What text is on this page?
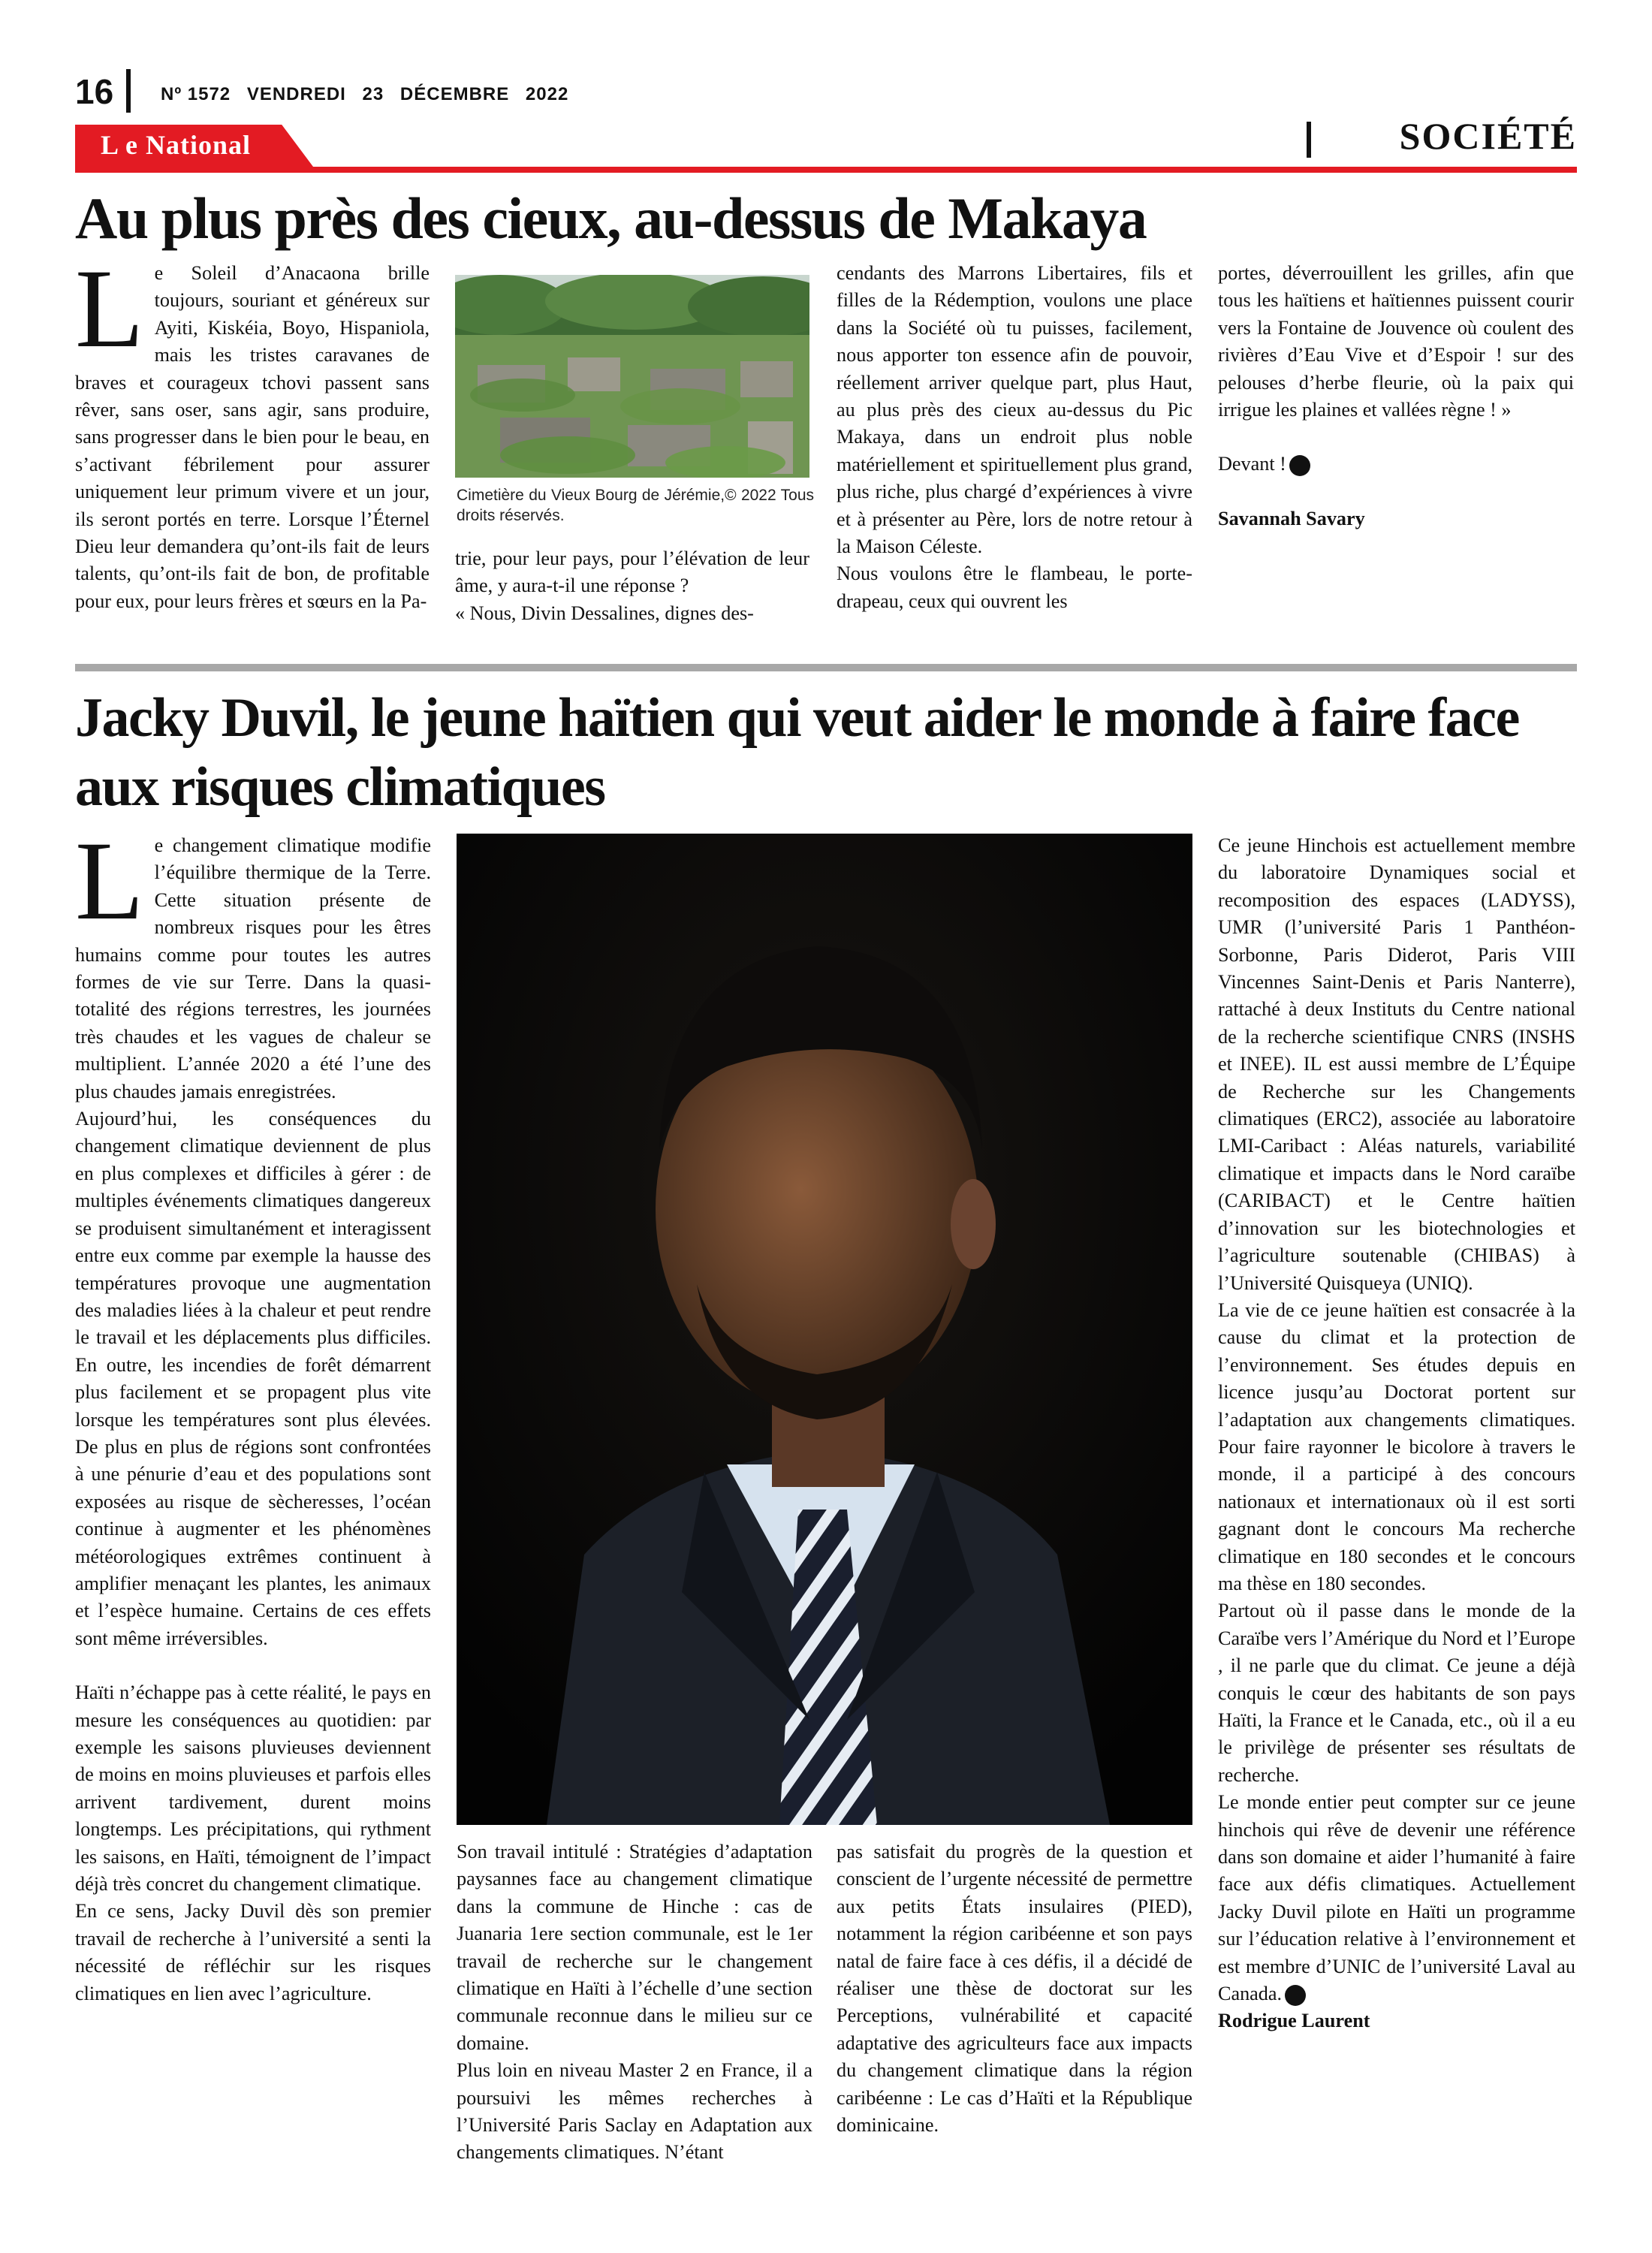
16	Nº 1572 VENDREDI 23 DÉCEMBRE 2022
L e National	SOCIÉTÉ
Au plus près des cieux, au-dessus de Makaya
L e Soleil d’Anacaona brille toujours, souriant et généreux sur Ayiti, Kiskéia, Boyo, Hispaniola, mais les tristes caravanes de braves et courageux tchovi passent sans rêver, sans oser, sans agir, sans produire, sans progresser dans le bien pour le beau, en s’activant fébrilement pour assurer uniquement leur primum vivere et un jour, ils seront portés en terre. Lorsque l’Éternel Dieu leur demandera qu’ont-ils fait de leurs talents, qu’ont-ils fait de bon, de profitable pour eux, pour leurs frères et sœurs en la Pa-

Cimetière du Vieux Bourg de Jérémie,© 2022 Tous droits réservés.

trie, pour leur pays, pour l’élévation de leur âme, y aura-t-il une réponse ?

« Nous, Divin Dessalines, dignes des-

cendants des Marrons Libertaires, fils et filles de la Rédemption, voulons une place dans la Société où tu puisses, facilement, nous apporter ton essence afin de pouvoir, réellement arriver quelque part, plus Haut, au plus près des cieux au-dessus du Pic Makaya, dans un endroit plus noble matériellement et spirituellement plus grand, plus riche, plus chargé d’expériences à vivre et à présenter au Père, lors de notre retour à la Maison Céleste.

Nous voulons être le flambeau, le porte-drapeau, ceux qui ouvrent les

portes, déverrouillent les grilles, afin que tous les haïtiens et haïtiennes puissent courir vers la Fontaine de Jouvence où coulent des rivières d’Eau Vive et d’Espoir ! sur des pelouses d’herbe fleurie, où la paix qui irrigue les plaines et vallées règne ! »

Devant !

Savannah Savary

Jacky Duvil, le jeune haïtien qui veut aider le monde à faire face aux risques climatiques
L e changement climatique modifie l’équilibre thermique de la Terre. Cette situation présente de nombreux risques pour les êtres humains comme pour toutes les autres formes de vie sur Terre. Dans la quasi-totalité des régions terrestres, les journées très chaudes et les vagues de chaleur se multiplient. L’année 2020 a été l’une des plus chaudes jamais enregistrées.

Aujourd’hui, les conséquences du changement climatique deviennent de plus en plus complexes et difficiles à gérer : de multiples événements climatiques dangereux se produisent simultanément et interagissent entre eux comme par exemple la hausse des températures provoque une augmentation des maladies liées à la chaleur et peut rendre le travail et les déplacements plus difficiles. En outre, les incendies de forêt démarrent plus facilement et se propagent plus vite lorsque les températures sont plus élevées. De plus en plus de régions sont confrontées à une pénurie d’eau et des populations sont exposées au risque de sècheresses, l’océan continue à augmenter et les phénomènes météorologiques extrêmes continuent à amplifier menaçant les plantes, les animaux et l’espèce humaine. Certains de ces effets sont même irréversibles.

Haïti n’échappe pas à cette réalité, le pays en mesure les conséquences au quotidien: par exemple les saisons pluvieuses deviennent de moins en moins pluvieuses et parfois elles arrivent tardivement, durent moins longtemps. Les précipitations, qui rythment les saisons, en Haïti, témoignent de l’impact déjà très concret du changement climatique.

En ce sens, Jacky Duvil dès son premier travail de recherche à l’université a senti la nécessité de réfléchir sur les risques climatiques en lien avec l’agriculture.

Son travail intitulé : Stratégies d’adaptation paysannes face au changement climatique dans la commune de Hinche : cas de Juanaria 1ere section communale, est le 1er travail de recherche sur le changement climatique en Haïti à l’échelle d’une section communale reconnue dans le milieu sur ce domaine.

Plus loin en niveau Master 2 en France, il a poursuivi les mêmes recherches à l’Université Paris Saclay en Adaptation aux changements climatiques. N’étant

pas satisfait du progrès de la question et conscient de l’urgente nécessité de permettre aux petits États insulaires (PIED), notamment la région caribéenne et son pays natal de faire face à ces défis, il a décidé de réaliser une thèse de doctorat sur les Perceptions, vulnérabilité et capacité adaptative des agriculteurs face aux impacts du changement climatique dans la région caribéenne : Le cas d’Haïti et la République dominicaine.

Ce jeune Hinchois est actuellement membre du laboratoire Dynamiques social et recomposition des espaces (LADYSS), UMR (l’université Paris 1 Panthéon-Sorbonne, Paris Diderot, Paris VIII Vincennes Saint-Denis et Paris Nanterre), rattaché à deux Instituts du Centre national de la recherche scientifique CNRS (INSHS et INEE). IL est aussi membre de L’Équipe de Recherche sur les Changements climatiques (ERC2), associée au laboratoire LMI-Caribact : Aléas naturels, variabilité climatique et impacts dans le Nord caraïbe (CARIBACT) et le Centre haïtien d’innovation sur les biotechnologies et l’agriculture soutenable (CHIBAS) à l’Université Quisqueya (UNIQ).

La vie de ce jeune haïtien est consacrée à la cause du climat et la protection de l’environnement. Ses études depuis en licence jusqu’au Doctorat portent sur l’adaptation aux changements climatiques. Pour faire rayonner le bicolore à travers le monde, il a participé à des concours nationaux et internationaux où il est sorti gagnant dont le concours Ma recherche climatique en 180 secondes et le concours ma thèse en 180 secondes.

Partout où il passe dans le monde de la Caraïbe vers l’Amérique du Nord et l’Europe , il ne parle que du climat. Ce jeune a déjà conquis le cœur des habitants de son pays Haïti, la France et le Canada, etc., où il a eu le privilège de présenter ses résultats de recherche.

Le monde entier peut compter sur ce jeune hinchois qui rêve de devenir une référence dans son domaine et aider l’humanité à faire face aux défis climatiques. Actuellement Jacky Duvil pilote en Haïti un programme sur l’éducation relative à l’environnement et est membre d’UNIC de l’université Laval au Canada.

Rodrigue Laurent
